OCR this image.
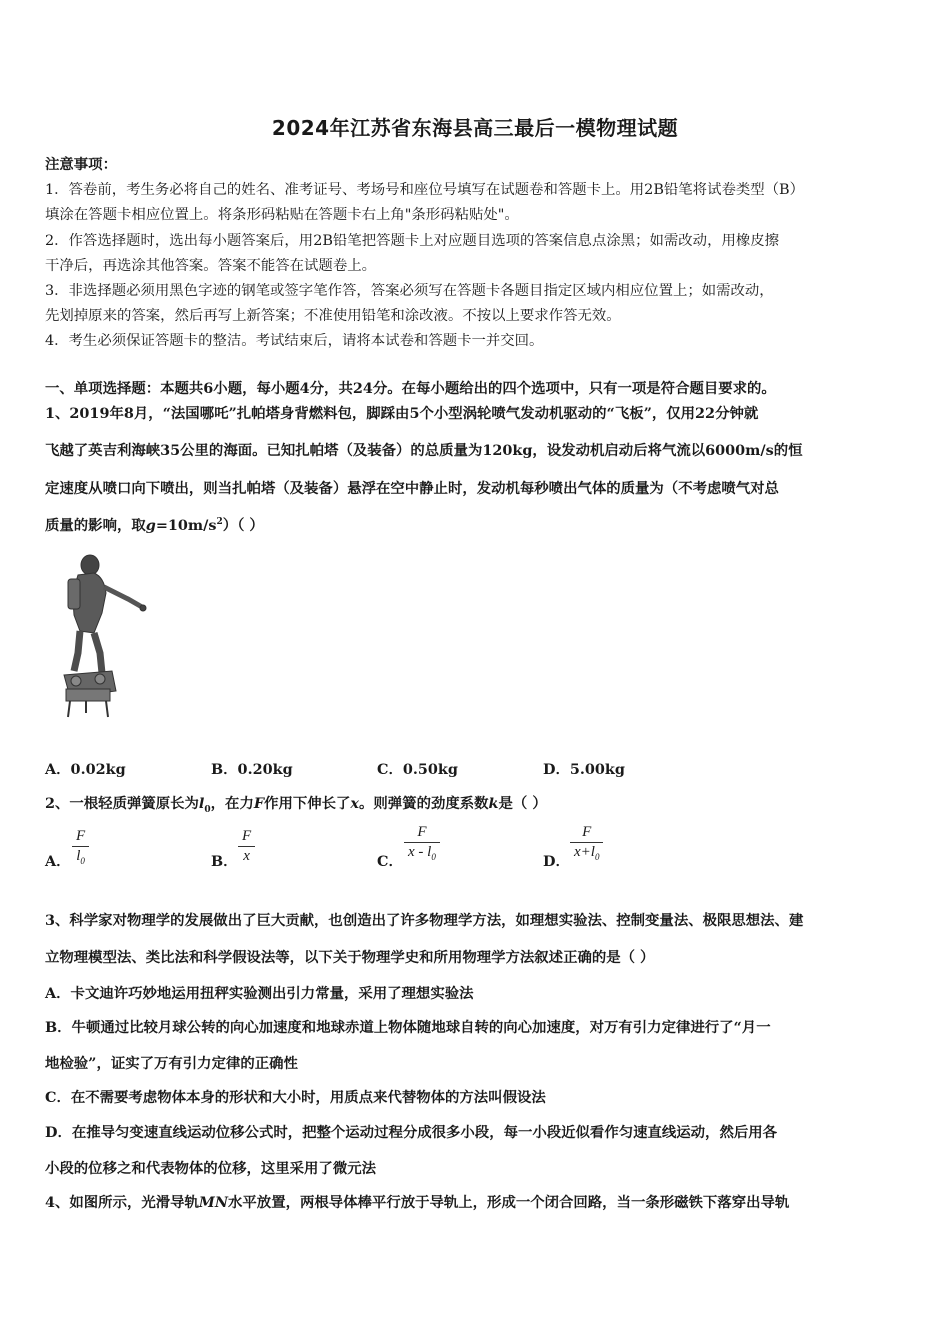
2024年江苏省东海县高三最后一模物理试题
注意事项：
1．答卷前，考生务必将自己的姓名、准考证号、考场号和座位号填写在试题卷和答题卡上。用2B铅笔将试卷类型（B）
填涂在答题卡相应位置上。将条形码粘贴在答题卡右上角"条形码粘贴处"。
2．作答选择题时，选出每小题答案后，用2B铅笔把答题卡上对应题目选项的答案信息点涂黑；如需改动，用橡皮擦
干净后，再选涂其他答案。答案不能答在试题卷上。
3．非选择题必须用黑色字迹的钢笔或签字笔作答，答案必须写在答题卡各题目指定区域内相应位置上；如需改动，
先划掉原来的答案，然后再写上新答案；不准使用铅笔和涂改液。不按以上要求作答无效。
4．考生必须保证答题卡的整洁。考试结束后，请将本试卷和答题卡一并交回。
一、单项选择题：本题共6小题，每小题4分，共24分。在每小题给出的四个选项中，只有一项是符合题目要求的。
1、2019年8月，“法国哪吒”扎帕塔身背燃料包，脚踩由5个小型涡轮喷气发动机驱动的“飞板”，仅用22分钟就
飞越了英吉利海峡35公里的海面。已知扎帕塔（及装备）的总质量为120kg，设发动机启动后将气流以6000m/s的恒
定速度从喷口向下喷出，则当扎帕塔（及装备）悬浮在空中静止时，发动机每秒喷出气体的质量为（不考虑喷气对总
质量的影响，取$g=10m/s^2$）（ ）
A．0.02kg	B．0.20kg	C．0.50kg	D．5.00kg
2、一根轻质弹簧原长为$l_0$，在力F作用下伸长了x。则弹簧的劲度系数k是（ ）
A．
F
$l_0$	B．
F
x	C．
F
x - $l_0$	D．
F
$x+l_0$
3、科学家对物理学的发展做出了巨大贡献，也创造出了许多物理学方法，如理想实验法、控制变量法、极限思想法、建
立物理模型法、类比法和科学假设法等，以下关于物理学史和所用物理学方法叙述正确的是（ ）
A．卡文迪许巧妙地运用扭秤实验测出引力常量，采用了理想实验法
B．牛顿通过比较月球公转的向心加速度和地球赤道上物体随地球自转的向心加速度，对万有引力定律进行了“月一
地检验”，证实了万有引力定律的正确性
C．在不需要考虑物体本身的形状和大小时，用质点来代替物体的方法叫假设法
D．在推导匀变速直线运动位移公式时，把整个运动过程分成很多小段，每一小段近似看作匀速直线运动，然后用各
小段的位移之和代表物体的位移，这里采用了微元法
4、如图所示，光滑导轨MN水平放置，两根导体棒平行放于导轨上，形成一个闭合回路，当一条形磁铁下落穿出导轨
